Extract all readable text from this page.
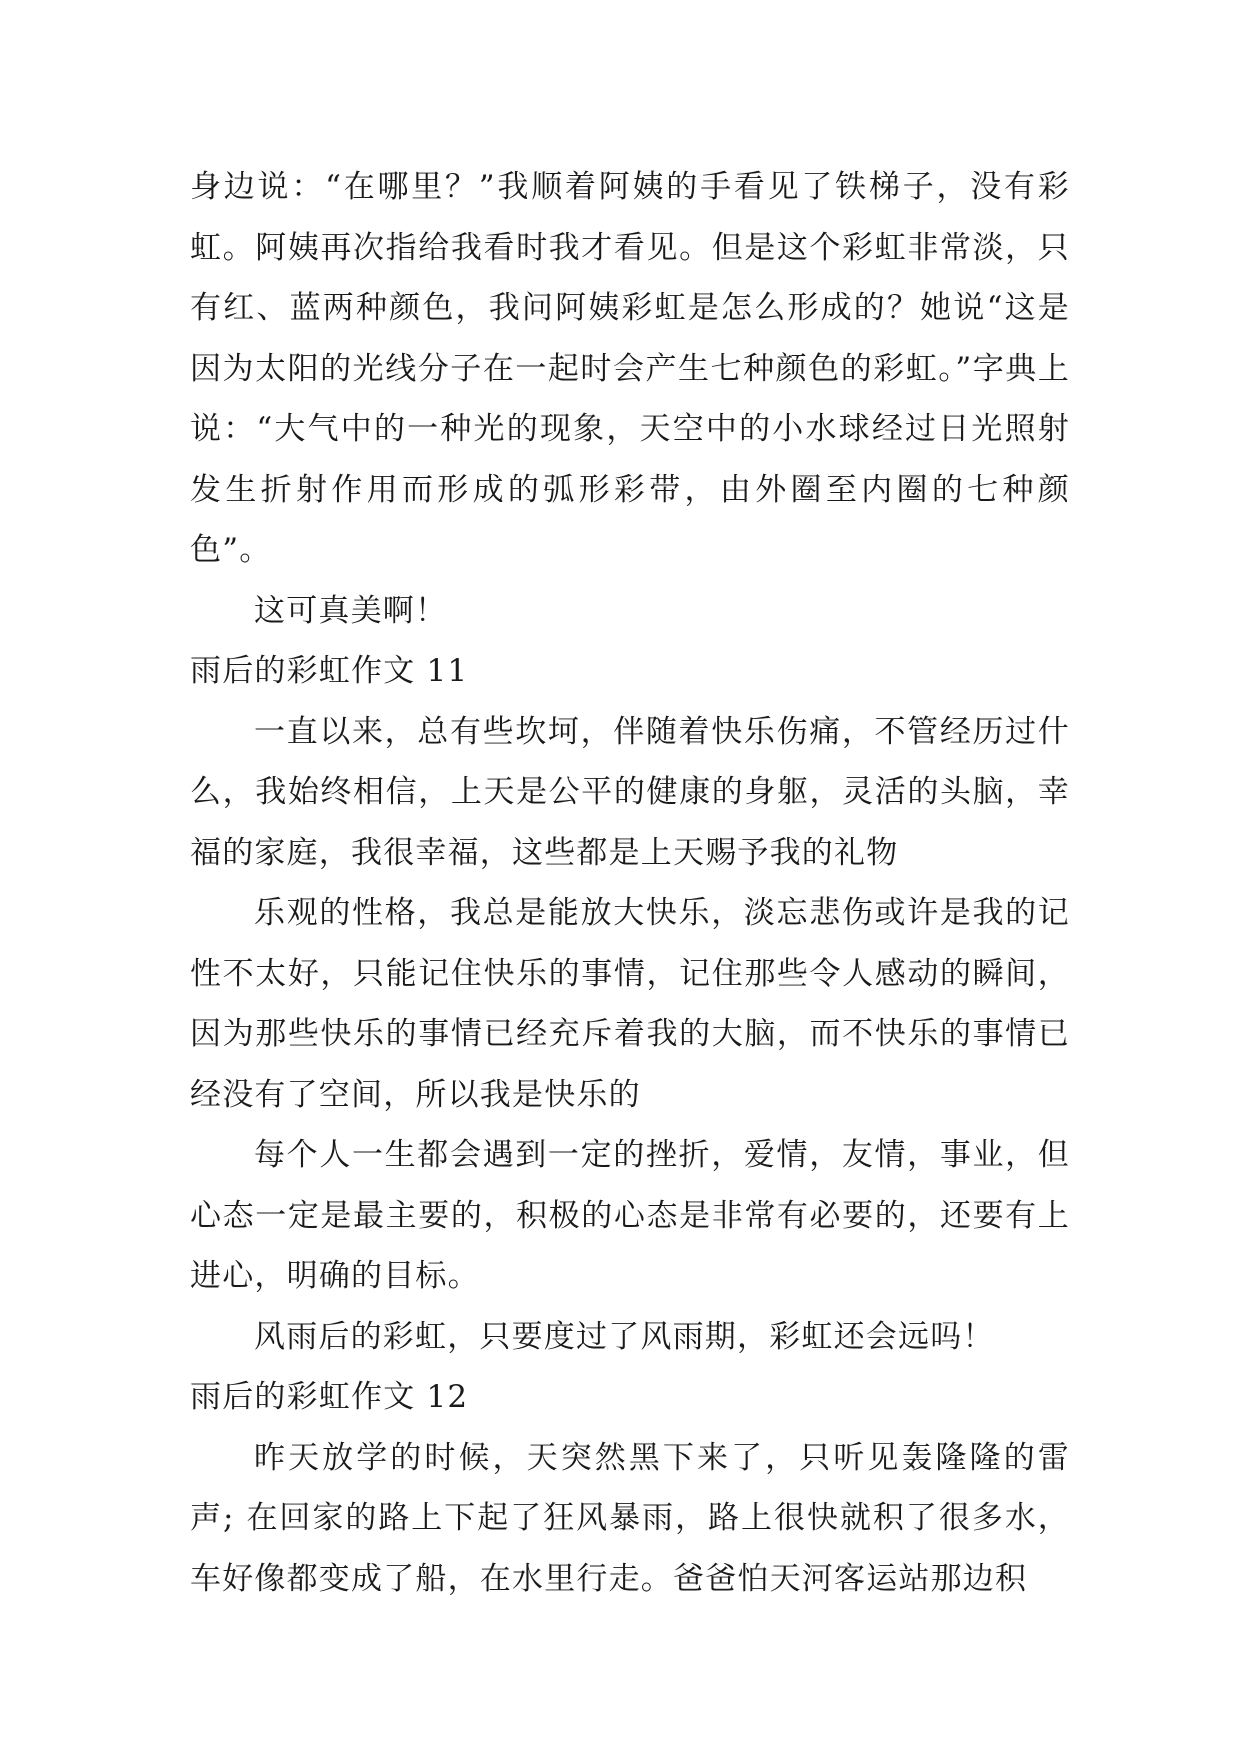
身边说：“在哪里？”我顺着阿姨的手看见了铁梯子，没有彩虹。阿姨再次指给我看时我才看见。但是这个彩虹非常淡，只有红、蓝两种颜色，我问阿姨彩虹是怎么形成的？她说“这是因为太阳的光线分子在一起时会产生七种颜色的彩虹。”字典上说：“大气中的一种光的现象，天空中的小水球经过日光照射发生折射作用而形成的弧形彩带，由外圈至内圈的七种颜色”。

这可真美啊！

雨后的彩虹作文 11

一直以来，总有些坎坷，伴随着快乐伤痛，不管经历过什么，我始终相信，上天是公平的健康的身躯，灵活的头脑，幸福的家庭，我很幸福，这些都是上天赐予我的礼物

乐观的性格，我总是能放大快乐，淡忘悲伤或许是我的记性不太好，只能记住快乐的事情，记住那些令人感动的瞬间，因为那些快乐的事情已经充斥着我的大脑，而不快乐的事情已经没有了空间，所以我是快乐的

每个人一生都会遇到一定的挫折，爱情，友情，事业，但心态一定是最主要的，积极的心态是非常有必要的，还要有上进心，明确的目标。

风雨后的彩虹，只要度过了风雨期，彩虹还会远吗！

雨后的彩虹作文 12

昨天放学的时候，天突然黑下来了，只听见轰隆隆的雷声; 在回家的路上下起了狂风暴雨，路上很快就积了很多水，车好像都变成了船，在水里行走。爸爸怕天河客运站那边积
